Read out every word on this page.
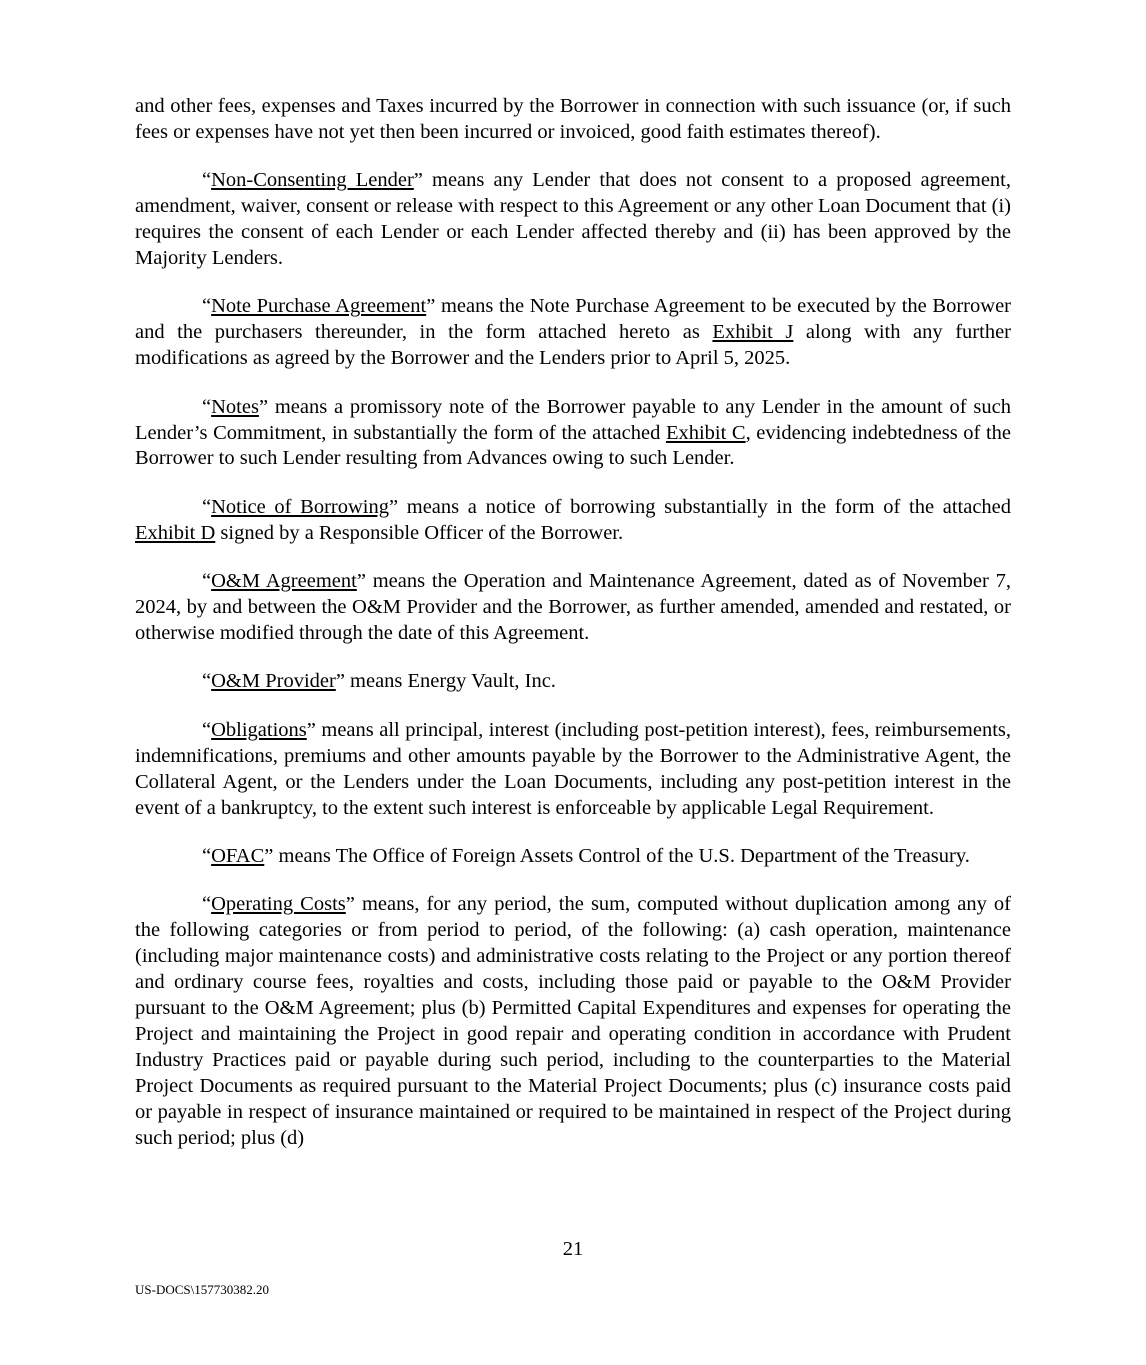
and other fees, expenses and Taxes incurred by the Borrower in connection with such issuance (or, if such fees or expenses have not yet then been incurred or invoiced, good faith estimates thereof).

“Non-Consenting Lender” means any Lender that does not consent to a proposed agreement, amendment, waiver, consent or release with respect to this Agreement or any other Loan Document that (i) requires the consent of each Lender or each Lender affected thereby and (ii) has been approved by the Majority Lenders.

“Note Purchase Agreement” means the Note Purchase Agreement to be executed by the Borrower and the purchasers thereunder, in the form attached hereto as Exhibit J along with any further modifications as agreed by the Borrower and the Lenders prior to April 5, 2025.

“Notes” means a promissory note of the Borrower payable to any Lender in the amount of such Lender’s Commitment, in substantially the form of the attached Exhibit C, evidencing indebtedness of the Borrower to such Lender resulting from Advances owing to such Lender.

“Notice of Borrowing” means a notice of borrowing substantially in the form of the attached Exhibit D signed by a Responsible Officer of the Borrower.

“O&M Agreement” means the Operation and Maintenance Agreement, dated as of November 7, 2024, by and between the O&M Provider and the Borrower, as further amended, amended and restated, or otherwise modified through the date of this Agreement.

“O&M Provider” means Energy Vault, Inc.

“Obligations” means all principal, interest (including post-petition interest), fees, reimbursements, indemnifications, premiums and other amounts payable by the Borrower to the Administrative Agent, the Collateral Agent, or the Lenders under the Loan Documents, including any post-petition interest in the event of a bankruptcy, to the extent such interest is enforceable by applicable Legal Requirement.

“OFAC” means The Office of Foreign Assets Control of the U.S. Department of the Treasury.

“Operating Costs” means, for any period, the sum, computed without duplication among any of the following categories or from period to period, of the following: (a) cash operation, maintenance (including major maintenance costs) and administrative costs relating to the Project or any portion thereof and ordinary course fees, royalties and costs, including those paid or payable to the O&M Provider pursuant to the O&M Agreement; plus (b) Permitted Capital Expenditures and expenses for operating the Project and maintaining the Project in good repair and operating condition in accordance with Prudent Industry Practices paid or payable during such period, including to the counterparties to the Material Project Documents as required pursuant to the Material Project Documents; plus (c) insurance costs paid or payable in respect of insurance maintained or required to be maintained in respect of the Project during such period; plus (d)

21
US-DOCS\157730382.20
